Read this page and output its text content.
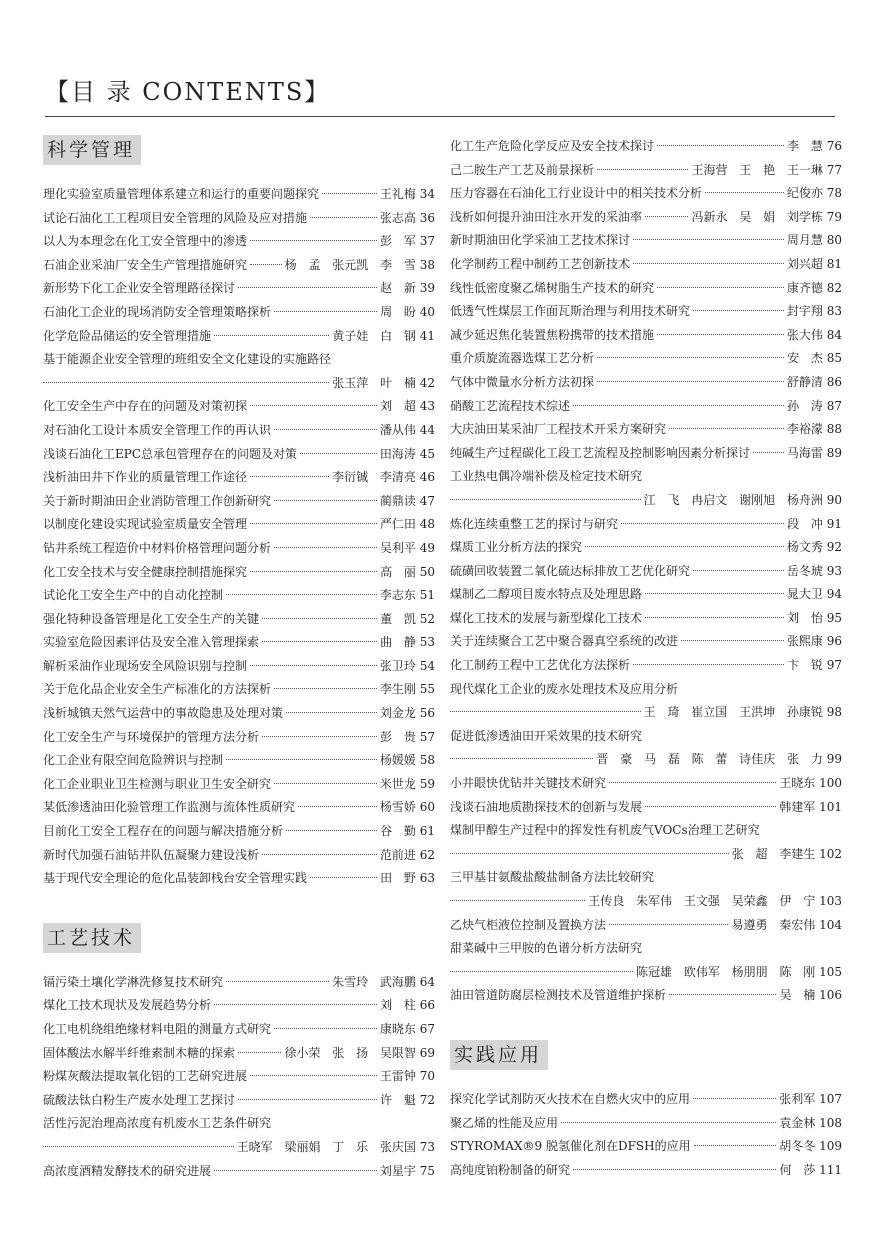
【目 录 CONTENTS】
科学管理
理化实验室质量管理体系建立和运行的重要问题探究	王礼梅 34
试论石油化工工程项目安全管理的风险及应对措施	张志高 36
以人为本理念在化工安全管理中的渗透	彭 军 37
石油企业采油厂安全生产管理措施研究	杨 孟 张元凯 李 雪 38
新形势下化工企业安全管理路径探讨	赵 新 39
石油化工企业的现场消防安全管理策略探析	周 盼 40
化学危险品储运的安全管理措施	黄子娃 白 钢 41
基于能源企业安全管理的班组安全文化建设的实施路径
张玉萍 叶 楠 42
化工安全生产中存在的问题及对策初探	刘 超 43
对石油化工设计本质安全管理工作的再认识	潘从伟 44
浅谈石油化工EPC总承包管理存在的问题及对策	田海涛 45
浅析油田井下作业的质量管理工作途径	李衍铖 李清亮 46
关于新时期油田企业消防管理工作创新研究	蔺鼎读 47
以制度化建设实现试验室质量安全管理	严仁田 48
钻井系统工程造价中材料价格管理问题分析	吴利平 49
化工安全技术与安全健康控制措施探究	高 丽 50
试论化工安全生产中的自动化控制	李志东 51
强化特种设备管理是化工安全生产的关键	董 凯 52
实验室危险因素评估及安全准入管理探索	曲 静 53
解析采油作业现场安全风险识别与控制	张卫玲 54
关于危化品企业安全生产标准化的方法探析	李生刚 55
浅析城镇天然气运营中的事故隐患及处理对策	刘金龙 56
化工安全生产与环境保护的管理方法分析	彭 贵 57
化工企业有限空间危险辨识与控制	杨媛媛 58
化工企业职业卫生检测与职业卫生安全研究	米世龙 59
某低渗透油田化验管理工作监测与流体性质研究	杨雪娇 60
目前化工安全工程存在的问题与解决措施分析	谷 勤 61
新时代加强石油钻井队伍凝聚力建设浅析	范前进 62
基于现代安全理论的危化品装卸栈台安全管理实践	田 野 63
工艺技术
镉污染土壤化学淋洗修复技术研究	朱雪玲 武海鹏 64
煤化工技术现状及发展趋势分析	刘 柱 66
化工电机绕组绝缘材料电阻的测量方式研究	康晓东 67
固体酸法水解半纤维素制木糖的探索	徐小荣 张 扬 吴限智 69
粉煤灰酸法提取氧化铝的工艺研究进展	王雷钟 70
硫酸法钛白粉生产废水处理工艺探讨	许 魁 72
活性污泥治理高浓度有机废水工艺条件研究
王晓军 梁丽娟 丁 乐 张庆国 73
高浓度酒精发酵技术的研究进展	刘星宇 75
化工生产危险化学反应及安全技术探讨	李 慧 76
己二胺生产工艺及前景探析	王海营 王 艳 王一琳 77
压力容器在石油化工行业设计中的相关技术分析	纪俊亦 78
浅析如何提升油田注水开发的采油率	冯新永 吴 娟 刘学栋 79
新时期油田化学采油工艺技术探讨	周月慧 80
化学制药工程中制药工艺创新技术	刘兴超 81
线性低密度聚乙烯树脂生产技术的研究	康齐德 82
低透气性煤层工作面瓦斯治理与利用技术研究	封宇翔 83
减少延迟焦化装置焦粉携带的技术措施	张大伟 84
重介质旋流器选煤工艺分析	安 杰 85
气体中微量水分析方法初探	舒静清 86
硝酸工艺流程技术综述	孙 涛 87
大庆油田某采油厂工程技术开采方案研究	李裕濛 88
纯碱生产过程碳化工段工艺流程及控制影响因素分析探讨	马海雷 89
工业热电偶冷端补偿及检定技术研究
江 飞 冉启文 谢刚旭 杨舟洲 90
炼化连续重整工艺的探讨与研究	段 冲 91
煤质工业分析方法的探究	杨文秀 92
硫磺回收装置二氧化硫达标排放工艺优化研究	岳冬琥 93
煤制乙二醇项目废水特点及处理思路	晁大卫 94
煤化工技术的发展与新型煤化工技术	刘 怡 95
关于连续聚合工艺中聚合器真空系统的改进	张熙康 96
化工制药工程中工艺优化方法探析	卞 锐 97
现代煤化工企业的废水处理技术及应用分析
王 琦 崔立国 王洪坤 孙康锐 98
促进低渗透油田开采效果的技术研究
晋 豪 马 磊 陈 蕾 诗佳庆 张 力 99
小井眼快优钻井关键技术研究	王晓东 100
浅谈石油地质勘探技术的创新与发展	韩建军 101
煤制甲醇生产过程中的挥发性有机废气VOCs治理工艺研究
张 超 李建生 102
三甲基甘氨酸盐酸盐制备方法比较研究
王传良 朱军伟 王文强 吴荣鑫 伊 宁 103
乙炔气柜液位控制及置换方法	易遵勇 秦宏伟 104
甜菜碱中三甲胺的色谱分析方法研究
陈冠雄 欧伟军 杨朋朋 陈 刚 105
油田管道防腐层检测技术及管道维护探析	吴 楠 106
实践应用
探究化学试剂防灭火技术在自燃火灾中的应用	张利军 107
聚乙烯的性能及应用	袁金林 108
STYROMAX®9 脱氢催化剂在DFSH的应用	胡冬冬 109
高纯度铂粉制备的研究	何 莎 111
